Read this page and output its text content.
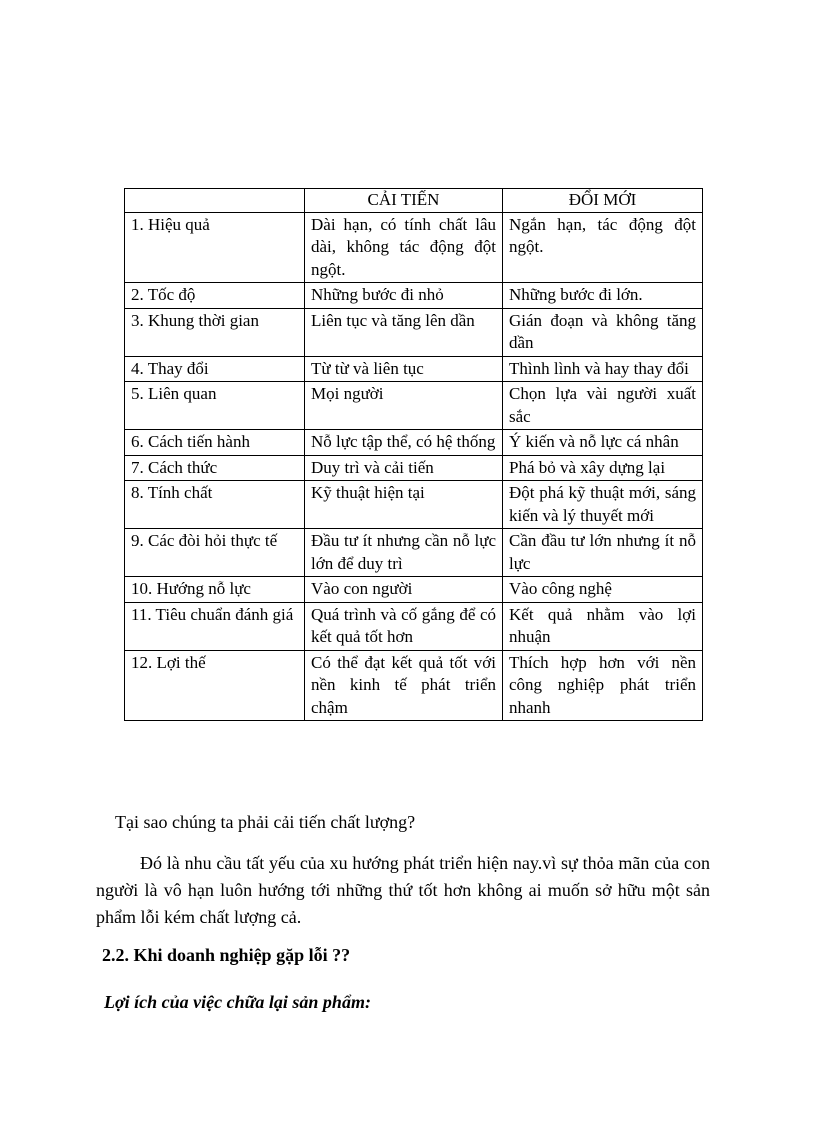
	CẢI TIẾN	ĐỔI MỚI
1. Hiệu quả	Dài hạn, có tính chất lâu dài, không tác động đột ngột.	Ngắn hạn, tác động đột ngột.
2. Tốc độ	Những bước đi nhỏ	Những bước đi lớn.
3. Khung thời gian	Liên tục và tăng lên dần	Gián đoạn và không tăng dần
4. Thay đổi	Từ từ và liên tục	Thình lình và hay thay đổi
5. Liên quan	Mọi người	Chọn lựa vài người xuất sắc
6. Cách tiến hành	Nỗ lực tập thể, có hệ thống	Ý kiến và nỗ lực cá nhân
7. Cách thức	Duy trì và cải tiến	Phá bỏ và xây dựng lại
8. Tính chất	Kỹ thuật hiện tại	Đột phá kỹ thuật mới, sáng kiến và lý thuyết mới
9. Các đòi hỏi thực tế	Đầu tư ít nhưng cần nỗ lực lớn để duy trì	Cần đầu tư lớn nhưng ít nỗ lực
10. Hướng nỗ lực	Vào con người	Vào công nghệ
11. Tiêu chuẩn đánh giá	Quá trình và cố gắng để có kết quả tốt hơn	Kết quả nhằm vào lợi nhuận
12. Lợi thế	Có thể đạt kết quả tốt với nền kinh tế phát triển chậm	Thích hợp hơn với nền công nghiệp phát triển nhanh

Tại sao chúng ta phải cải tiến chất lượng?

Đó là nhu cầu tất yếu của xu hướng phát triển hiện nay.vì sự thỏa mãn của con người là vô hạn luôn hướng tới những thứ tốt hơn không ai muốn sở hữu một sản phẩm lỗi kém chất lượng cả.

2.2. Khi doanh nghiệp gặp lỗi ??

Lợi ích của việc chữa lại sản phẩm:
